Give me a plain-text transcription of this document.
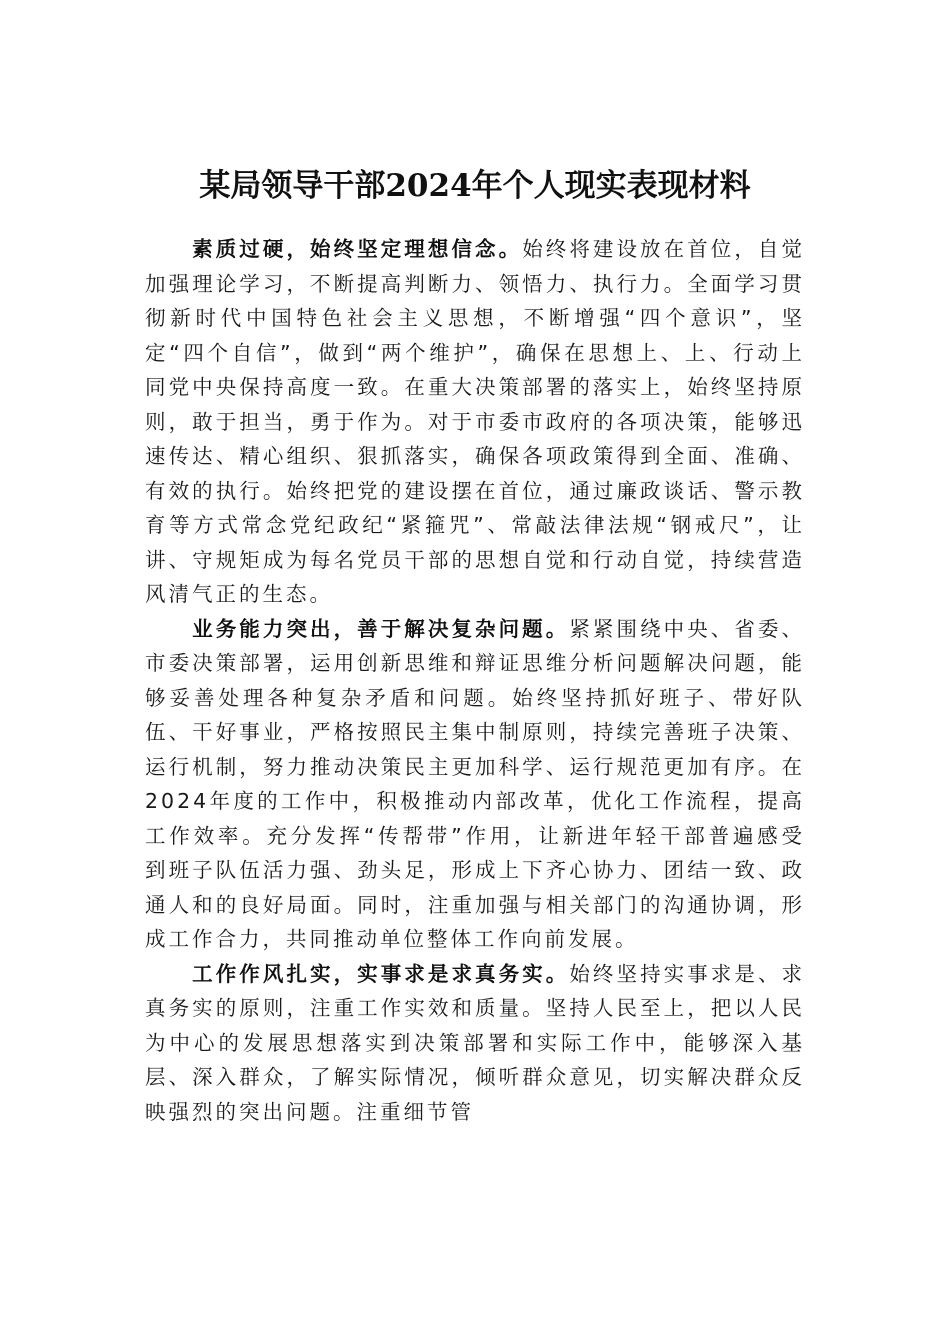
某局领导干部2024年个人现实表现材料

素质过硬，始终坚定理想信念。始终将建设放在首位，自觉加强理论学习，不断提高判断力、领悟力、执行力。全面学习贯彻新时代中国特色社会主义思想，不断增强“四个意识”，坚定“四个自信”，做到“两个维护”，确保在思想上、上、行动上同党中央保持高度一致。在重大决策部署的落实上，始终坚持原则，敢于担当，勇于作为。对于市委市政府的各项决策，能够迅速传达、精心组织、狠抓落实，确保各项政策得到全面、准确、有效的执行。始终把党的建设摆在首位，通过廉政谈话、警示教育等方式常念党纪政纪“紧箍咒”、常敲法律法规“钢戒尺”，让讲、守规矩成为每名党员干部的思想自觉和行动自觉，持续营造风清气正的生态。

业务能力突出，善于解决复杂问题。紧紧围绕中央、省委、市委决策部署，运用创新思维和辩证思维分析问题解决问题，能够妥善处理各种复杂矛盾和问题。始终坚持抓好班子、带好队伍、干好事业，严格按照民主集中制原则，持续完善班子决策、运行机制，努力推动决策民主更加科学、运行规范更加有序。在2024年度的工作中，积极推动内部改革，优化工作流程，提高工作效率。充分发挥“传帮带”作用，让新进年轻干部普遍感受到班子队伍活力强、劲头足，形成上下齐心协力、团结一致、政通人和的良好局面。同时，注重加强与相关部门的沟通协调，形成工作合力，共同推动单位整体工作向前发展。

工作作风扎实，实事求是求真务实。始终坚持实事求是、求真务实的原则，注重工作实效和质量。坚持人民至上，把以人民为中心的发展思想落实到决策部署和实际工作中，能够深入基层、深入群众，了解实际情况，倾听群众意见，切实解决群众反映强烈的突出问题。注重细节管
